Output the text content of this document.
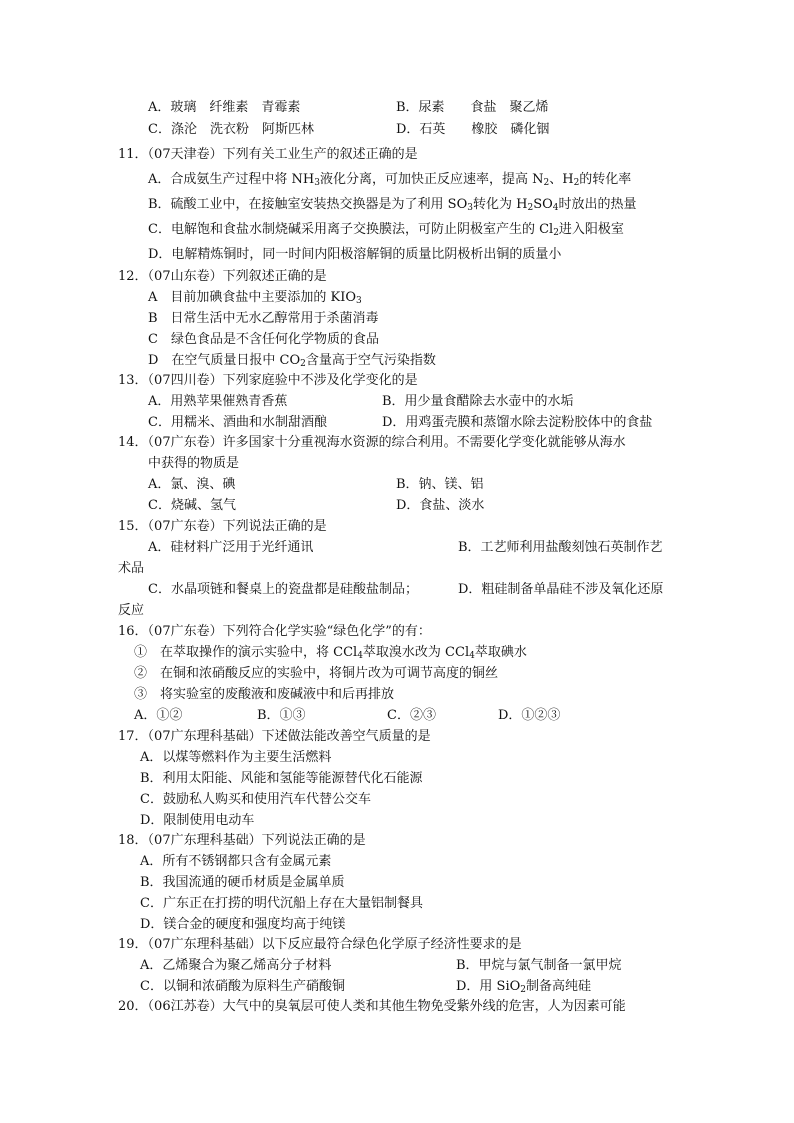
A．玻璃　纤维素　青霉素	B．尿素　　食盐　聚乙烯
C．涤沦　洗衣粉　阿斯匹林	D．石英　　橡胶　磷化铟
11．（07天津卷）下列有关工业生产的叙述正确的是
A．合成氨生产过程中将 $NH_3$液化分离，可加快正反应速率，提高 $N_2$、$H_2$的转化率
B．硫酸工业中，在接触室安装热交换器是为了利用 $SO_3$转化为 $H_2SO_4$时放出的热量
C．电解饱和食盐水制烧碱采用离子交换膜法，可防止阴极室产生的 $Cl_2$进入阳极室
D．电解精炼铜时，同一时间内阳极溶解铜的质量比阴极析出铜的质量小
12．（07山东卷）下列叙述正确的是
A　目前加碘食盐中主要添加的 $KIO_3$
B　日常生活中无水乙醇常用于杀菌消毒
C　绿色食品是不含任何化学物质的食品
D　在空气质量日报中 $CO_2$含量高于空气污染指数
13．（07四川卷）下列家庭验中不涉及化学变化的是
A．用熟苹果催熟青香蕉	B．用少量食醋除去水壶中的水垢
C．用糯米、酒曲和水制甜酒酿	D．用鸡蛋壳膜和蒸馏水除去淀粉胶体中的食盐
14．（07广东卷）许多国家十分重视海水资源的综合利用。不需要化学变化就能够从海水
中获得的物质是
A．氯、溴、碘	B．钠、镁、铝
C．烧碱、氢气	D．食盐、淡水
15．（07广东卷）下列说法正确的是
A．硅材料广泛用于光纤通讯	B．工艺师利用盐酸刻蚀石英制作艺
术品
C．水晶项链和餐桌上的瓷盘都是硅酸盐制品；	D．粗硅制备单晶硅不涉及氧化还原
反应
16．（07广东卷）下列符合化学实验“绿色化学”的有：
①　在萃取操作的演示实验中，将 CCl$_4$萃取溴水改为 CCl$_4$萃取碘水
②　在铜和浓硝酸反应的实验中，将铜片改为可调节高度的铜丝
③　将实验室的废酸液和废碱液中和后再排放
A．①②	B．①③	C．②③	D．①②③
17．（07广东理科基础）下述做法能改善空气质量的是
A．以煤等燃料作为主要生活燃料
B．利用太阳能、风能和氢能等能源替代化石能源
C．鼓励私人购买和使用汽车代替公交车
D．限制使用电动车
18．（07广东理科基础）下列说法正确的是
A．所有不锈钢都只含有金属元素
B．我国流通的硬币材质是金属单质
C．广东正在打捞的明代沉船上存在大量铝制餐具
D．镁合金的硬度和强度均高于纯镁
19．（07广东理科基础）以下反应最符合绿色化学原子经济性要求的是
A．乙烯聚合为聚乙烯高分子材料	B．甲烷与氯气制备一氯甲烷
C．以铜和浓硝酸为原料生产硝酸铜	D．用 SiO$_2$制备高纯硅
20．（06江苏卷）大气中的臭氧层可使人类和其他生物免受紫外线的危害，人为因素可能
